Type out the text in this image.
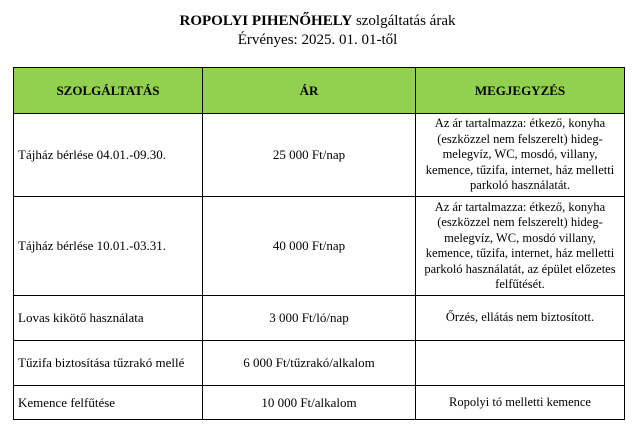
ROPOLYI PIHENŐHELY szolgáltatás árak
Érvényes: 2025. 01. 01-től
SZOLGÁLTATÁS	ÁR	MEGJEGYZÉS
Tájház bérlése 04.01.-09.30.	25 000 Ft/nap	Az ár tartalmazza: étkező, konyha (eszközzel nem felszerelt) hideg-melegvíz, WC, mosdó, villany, kemence, tűzifa, internet, ház melletti parkoló használatát.
Tájház bérlése 10.01.-03.31.	40 000 Ft/nap	Az ár tartalmazza: étkező, konyha (eszközzel nem felszerelt) hideg-melegvíz, WC, mosdó villany, kemence, tűzifa, internet, ház melletti parkoló használatát, az épület előzetes felfűtését.
Lovas kikötő használata	3 000 Ft/ló/nap	Őrzés, ellátás nem biztosított.
Tűzifa biztosítása tűzrakó mellé	6 000 Ft/tűzrakó/alkalom	
Kemence felfűtése	10 000 Ft/alkalom	Ropolyi tó melletti kemence
